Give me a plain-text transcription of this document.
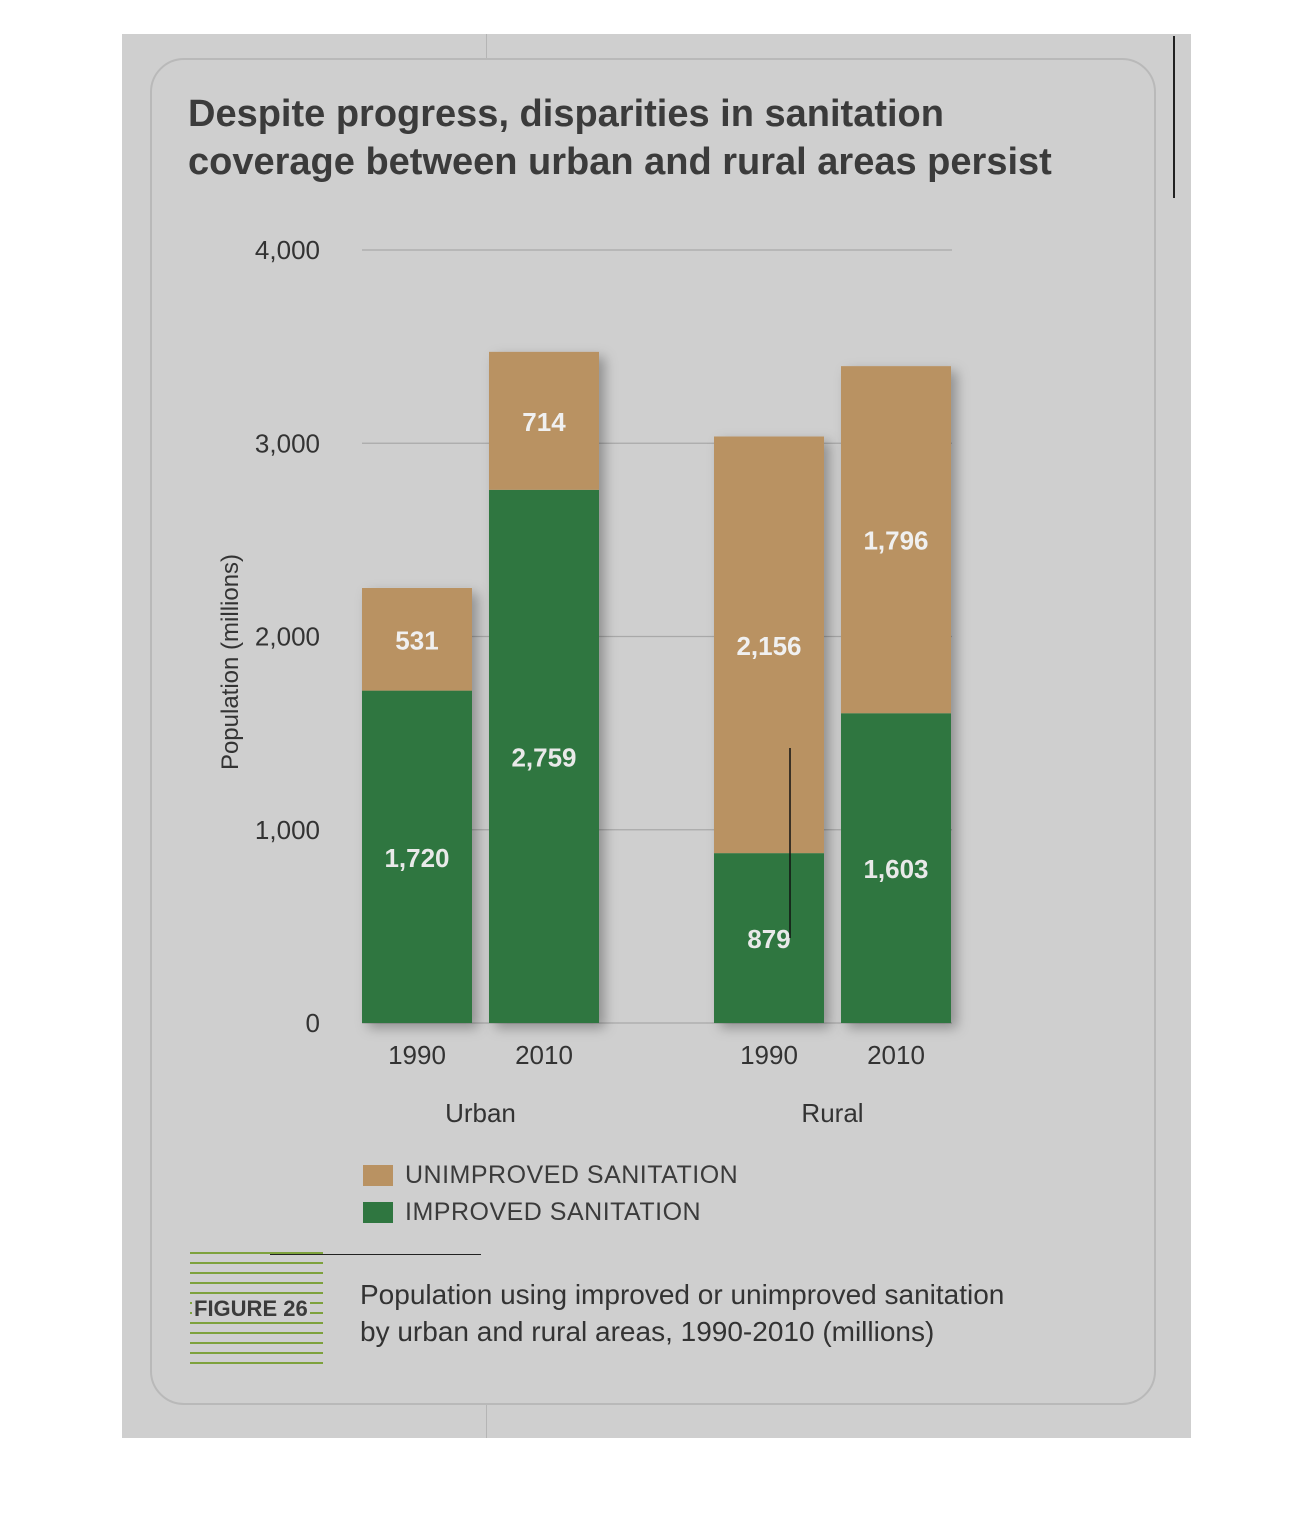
Despite progress, disparities in sanitation
coverage between urban and rural areas persist
0
1,000
2,000
3,000
4,000
Population (millions)
1,720
531
2,759
714
879
2,156
1,603
1,796
1990	2010	1990	2010
Urban	Rural
UNIMPROVED SANITATION
IMPROVED SANITATION
FIGURE 26 Population using improved or unimproved sanitation
by urban and rural areas, 1990-2010 (millions)
